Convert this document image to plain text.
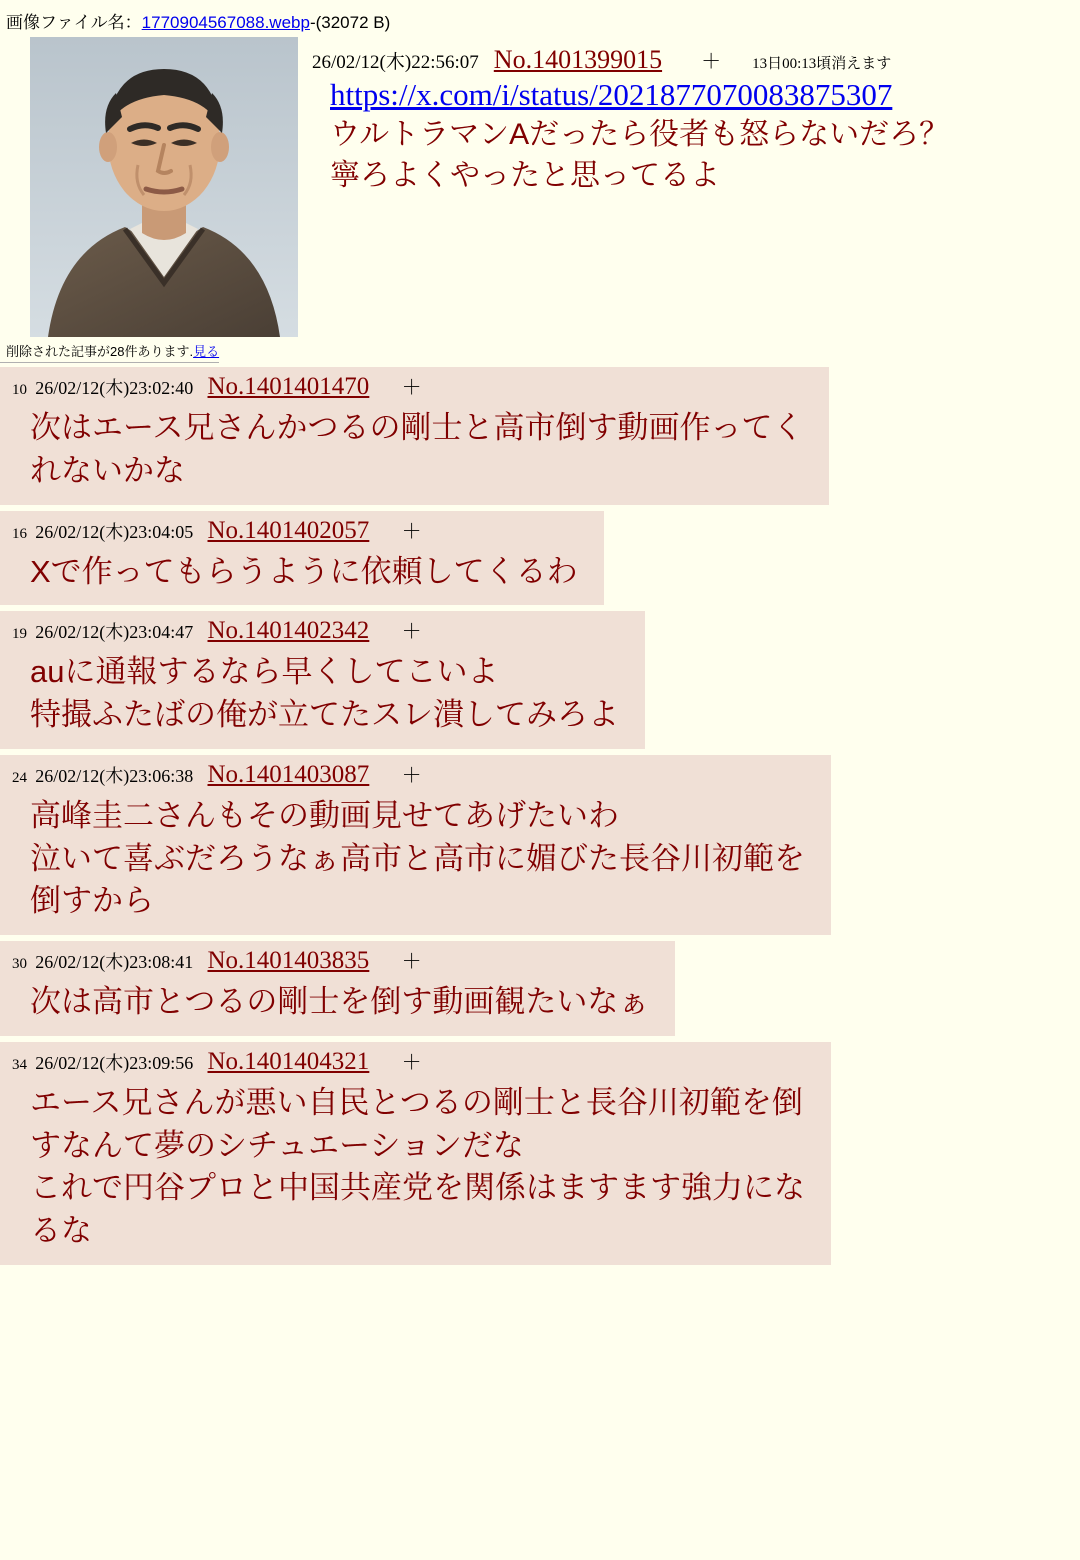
画像ファイル名：1770904567088.webp-(32072 B)
26/02/12(木)22:56:07 No.1401399015 ＋ 13日00:13頃消えます
https://x.com/i/status/2021877070083875307
ウルトラマンAだったら役者も怒らないだろ？
寧ろよくやったと思ってるよ
削除された記事が28件あります.見る
10 26/02/12(木)23:02:40 No.1401401470 ＋
次はエース兄さんかつるの剛士と高市倒す動画作ってく
れないかな
16 26/02/12(木)23:04:05 No.1401402057 ＋
Xで作ってもらうように依頼してくるわ
19 26/02/12(木)23:04:47 No.1401402342 ＋
auに通報するなら早くしてこいよ
特撮ふたばの俺が立てたスレ潰してみろよ
24 26/02/12(木)23:06:38 No.1401403087 ＋
高峰圭二さんもその動画見せてあげたいわ
泣いて喜ぶだろうなぁ高市と高市に媚びた長谷川初範を
倒すから
30 26/02/12(木)23:08:41 No.1401403835 ＋
次は高市とつるの剛士を倒す動画観たいなぁ
34 26/02/12(木)23:09:56 No.1401404321 ＋
エース兄さんが悪い自民とつるの剛士と長谷川初範を倒
すなんて夢のシチュエーションだな
これで円谷プロと中国共産党を関係はますます強力にな
るな
